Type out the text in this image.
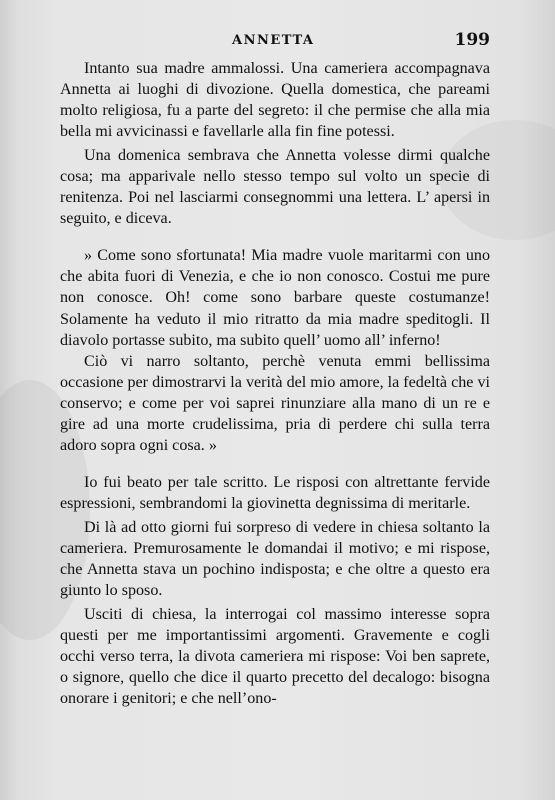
ANNETTA	199

Intanto sua madre ammalossi. Una cameriera accompagnava Annetta ai luoghi di divozione. Quella domestica, che pareami molto religiosa, fu a parte del segreto: il che permise che alla mia bella mi avvicinassi e favellarle alla fin fine potessi.

Una domenica sembrava che Annetta volesse dirmi qualche cosa; ma apparivale nello stesso tempo sul volto un specie di renitenza. Poi nel lasciarmi consegnommi una lettera. L’ apersi in seguito, e diceva.

» Come sono sfortunata! Mia madre vuole maritarmi con uno che abita fuori di Venezia, e che io non conosco. Costui me pure non conosce. Oh! come sono barbare queste costumanze! Solamente ha veduto il mio ritratto da mia madre speditogli. Il diavolo portasse subito, ma subito quell’ uomo all’ inferno!

Ciò vi narro soltanto, perchè venuta emmi bellissima occasione per dimostrarvi la verità del mio amore, la fedeltà che vi conservo; e come per voi saprei rinunziare alla mano di un re e gire ad una morte crudelissima, pria di perdere chi sulla terra adoro sopra ogni cosa. »

Io fui beato per tale scritto. Le risposi con altrettante fervide espressioni, sembrandomi la giovinetta degnissima di meritarle.

Di là ad otto giorni fui sorpreso di vedere in chiesa soltanto la cameriera. Premurosamente le domandai il motivo; e mi rispose, che Annetta stava un pochino indisposta; e che oltre a questo era giunto lo sposo.

Usciti di chiesa, la interrogai col massimo interesse sopra questi per me importantissimi argomenti. Gravemente e cogli occhi verso terra, la divota cameriera mi rispose: Voi ben saprete, o signore, quello che dice il quarto precetto del decalogo: bisogna onorare i genitori; e che nell’ono-
